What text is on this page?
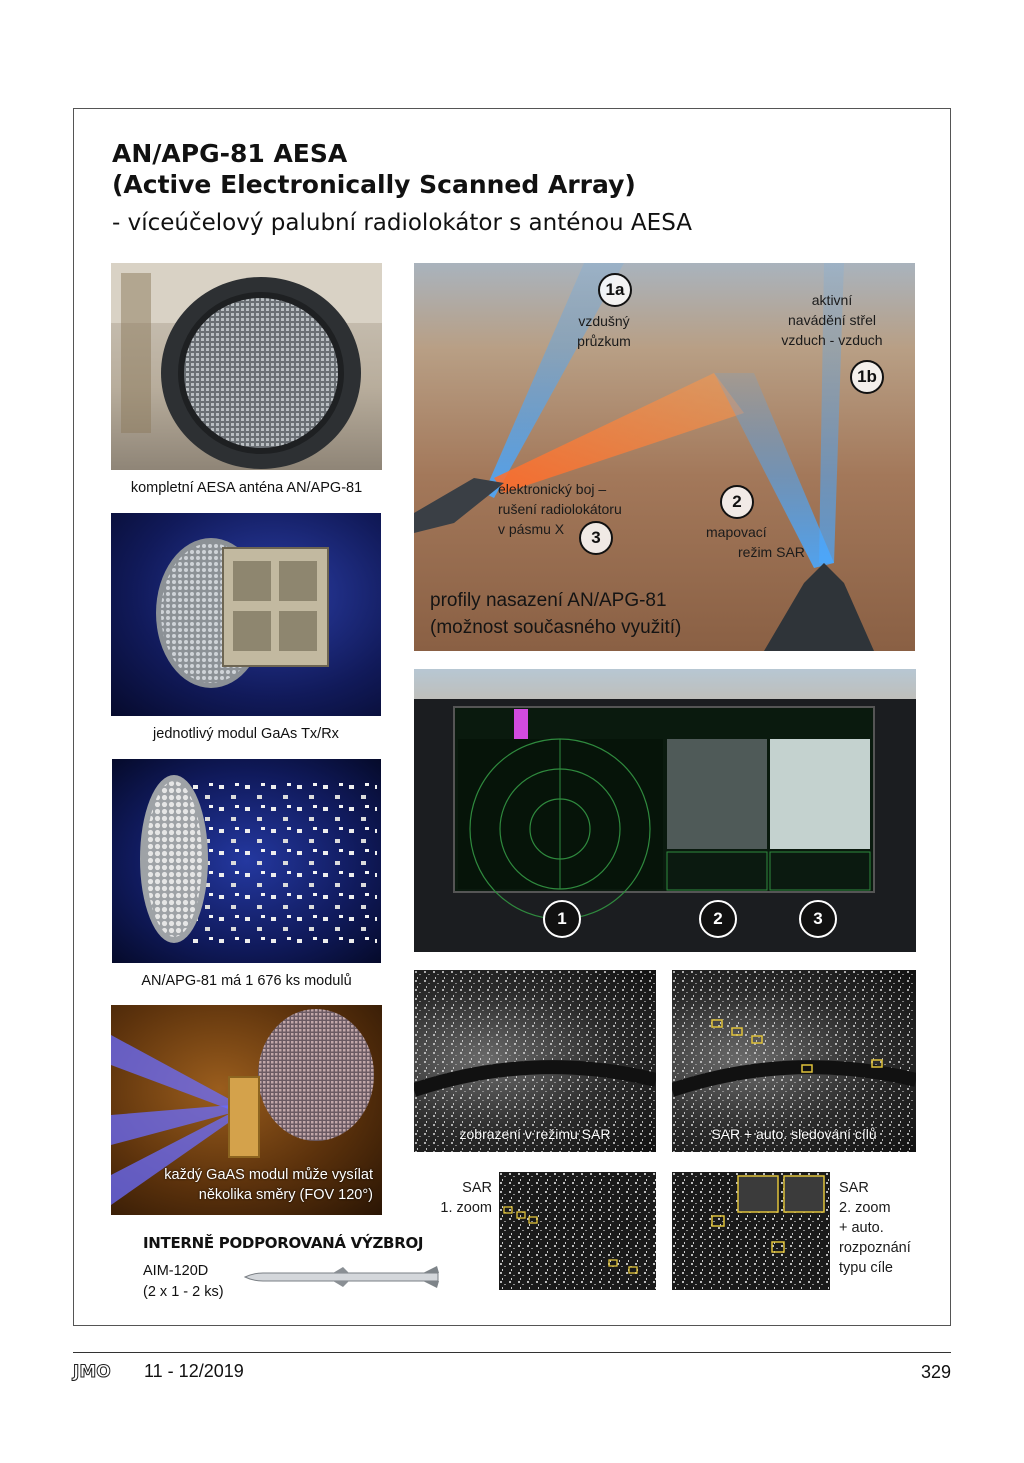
AN/APG-81 AESA
(Active Electronically Scanned Array)
- víceúčelový palubní radiolokátor s anténou AESA
kompletní AESA anténa AN/APG-81
jednotlivý modul GaAs Tx/Rx
AN/APG-81 má 1 676 ks modulů
každý GaAS modul může vysílat
několika směry (FOV 120°)
INTERNĚ PODPOROVANÁ VÝZBROJ
AIM-120D
(2 x 1 - 2 ks)
1a
vzdušný
průzkum
aktivní
navádění střel
vzduch - vzduch
1b
elektronický boj –
rušení radiolokátoru
v pásmu X	3
2
mapovací
režim SAR
profily nasazení AN/APG-81
(možnost současného využití)
1	2	3
zobrazení v režimu SAR	SAR + auto. sledování cílů
SAR
1. zoom
SAR
2. zoom
+ auto.
rozpoznání
typu cíle
JMO 11 - 12/2019	329
